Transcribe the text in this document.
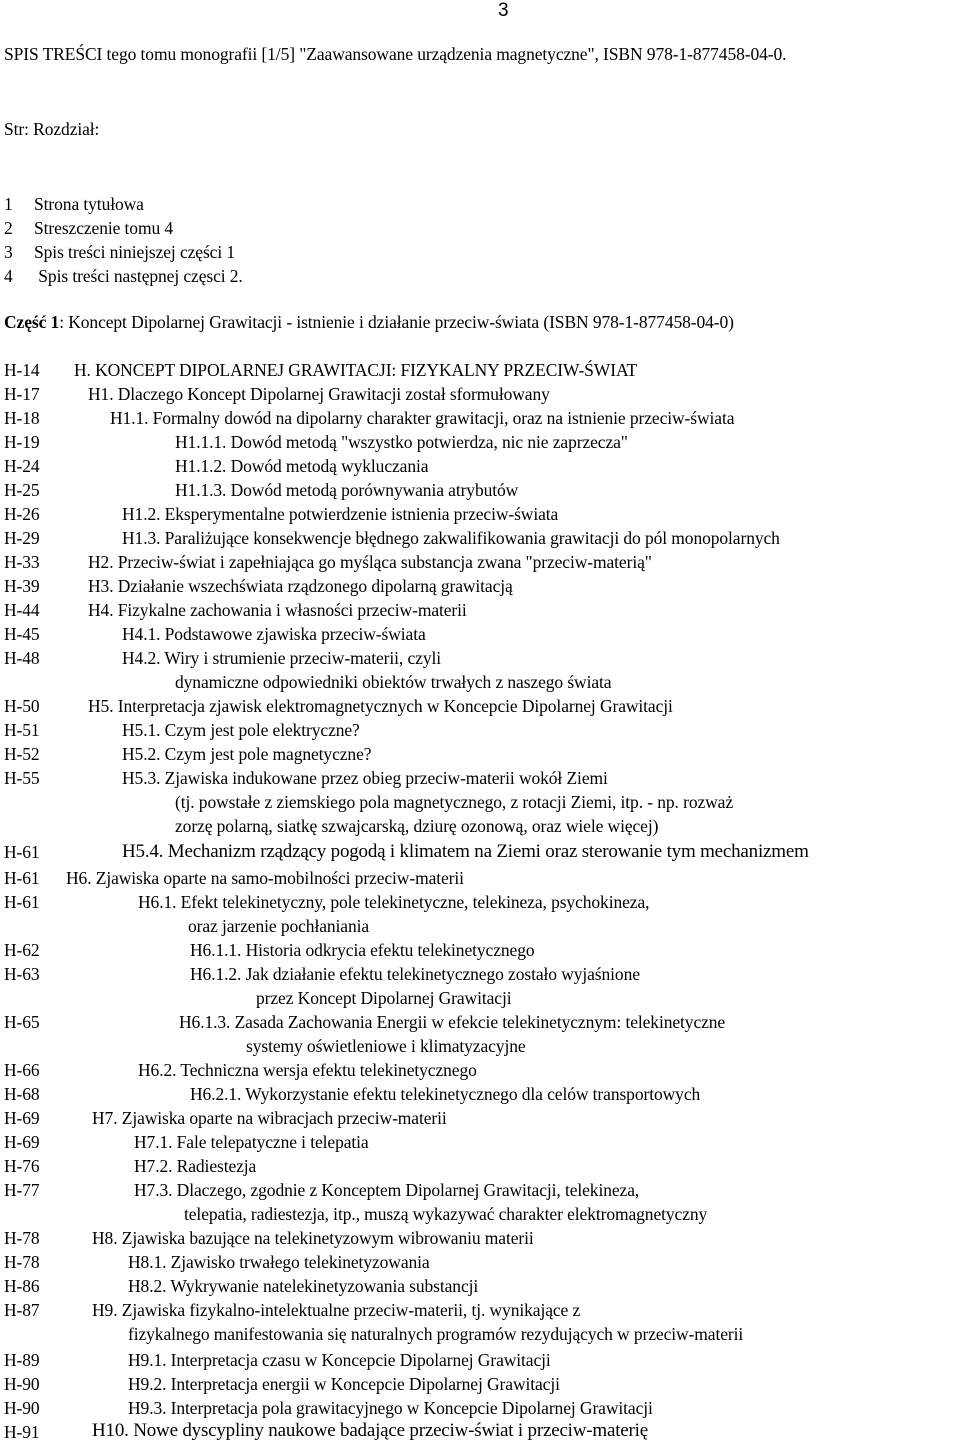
3
SPIS TREŚCI tego tomu monografii [1/5] "Zaawansowane urządzenia magnetyczne", ISBN 978-1-877458-04-0.
Str: Rozdział:
1     Strona tytułowa
2     Streszczenie tomu 4
3     Spis treści niniejszej części 1
4      Spis treści następnej częsci 2.
Część 1: Koncept Dipolarnej Grawitacji - istnienie i działanie przeciw-świata (ISBN 978-1-877458-04-0)
H-14 H. KONCEPT DIPOLARNEJ GRAWITACJI: FIZYKALNY PRZECIW-ŚWIAT
H-17	H1. Dlaczego Koncept Dipolarnej Grawitacji został sformułowany
H-18	H1.1. Formalny dowód na dipolarny charakter grawitacji, oraz na istnienie przeciw-świata
H-19	H1.1.1. Dowód metodą "wszystko potwierdza, nic nie zaprzecza"
H-24	H1.1.2. Dowód metodą wykluczania
H-25	H1.1.3. Dowód metodą porównywania atrybutów
H-26	H1.2. Eksperymentalne potwierdzenie istnienia przeciw-świata
H-29	H1.3. Paraliżujące konsekwencje błędnego zakwalifikowania grawitacji do pól monopolarnych
H-33	H2. Przeciw-świat i zapełniająca go myśląca substancja zwana "przeciw-materią"
H-39	H3. Działanie wszechświata rządzonego dipolarną grawitacją
H-44	H4. Fizykalne zachowania i własności przeciw-materii
H-45	H4.1. Podstawowe zjawiska przeciw-świata
H-48	H4.2. Wiry i strumienie przeciw-materii, czyli
dynamiczne odpowiedniki obiektów trwałych z naszego świata
H-50	H5. Interpretacja zjawisk elektromagnetycznych w Koncepcie Dipolarnej Grawitacji
H-51	H5.1. Czym jest pole elektryczne?
H-52	H5.2. Czym jest pole magnetyczne?
H-55	H5.3. Zjawiska indukowane przez obieg przeciw-materii wokół Ziemi
(tj. powstałe z ziemskiego pola magnetycznego, z rotacji Ziemi, itp. - np. rozważ
zorzę polarną, siatkę szwajcarską, dziurę ozonową, oraz wiele więcej)
H-61	H5.4. Mechanizm rządzący pogodą i klimatem na Ziemi oraz sterowanie tym mechanizmem
H-61 H6. Zjawiska oparte na samo-mobilności przeciw-materii
H-61	H6.1. Efekt telekinetyczny, pole telekinetyczne, telekineza, psychokineza,
oraz jarzenie pochłaniania
H-62	H6.1.1. Historia odkrycia efektu telekinetycznego
H-63	H6.1.2. Jak działanie efektu telekinetycznego zostało wyjaśnione
przez Koncept Dipolarnej Grawitacji
H-65	H6.1.3. Zasada Zachowania Energii w efekcie telekinetycznym: telekinetyczne
systemy oświetleniowe i klimatyzacyjne
H-66	H6.2. Techniczna wersja efektu telekinetycznego
H-68	H6.2.1. Wykorzystanie efektu telekinetycznego dla celów transportowych
H-69	H7. Zjawiska oparte na wibracjach przeciw-materii
H-69	H7.1. Fale telepatyczne i telepatia
H-76	H7.2. Radiestezja
H-77	H7.3. Dlaczego, zgodnie z Konceptem Dipolarnej Grawitacji, telekineza,
telepatia, radiestezja, itp., muszą wykazywać charakter elektromagnetyczny
H-78	H8. Zjawiska bazujące na telekinetyzowym wibrowaniu materii
H-78	H8.1. Zjawisko trwałego telekinetyzowania
H-86	H8.2. Wykrywanie natelekinetyzowania substancji
H-87	H9. Zjawiska fizykalno-intelektualne przeciw-materii, tj. wynikające z
fizykalnego manifestowania się naturalnych programów rezydujących w przeciw-materii
H-89	H9.1. Interpretacja czasu w Koncepcie Dipolarnej Grawitacji
H-90	H9.2. Interpretacja energii w Koncepcie Dipolarnej Grawitacji
H-90	H9.3. Interpretacja pola grawitacyjnego w Koncepcie Dipolarnej Grawitacji
H-91	H10. Nowe dyscypliny naukowe badające przeciw-świat i przeciw-materię
